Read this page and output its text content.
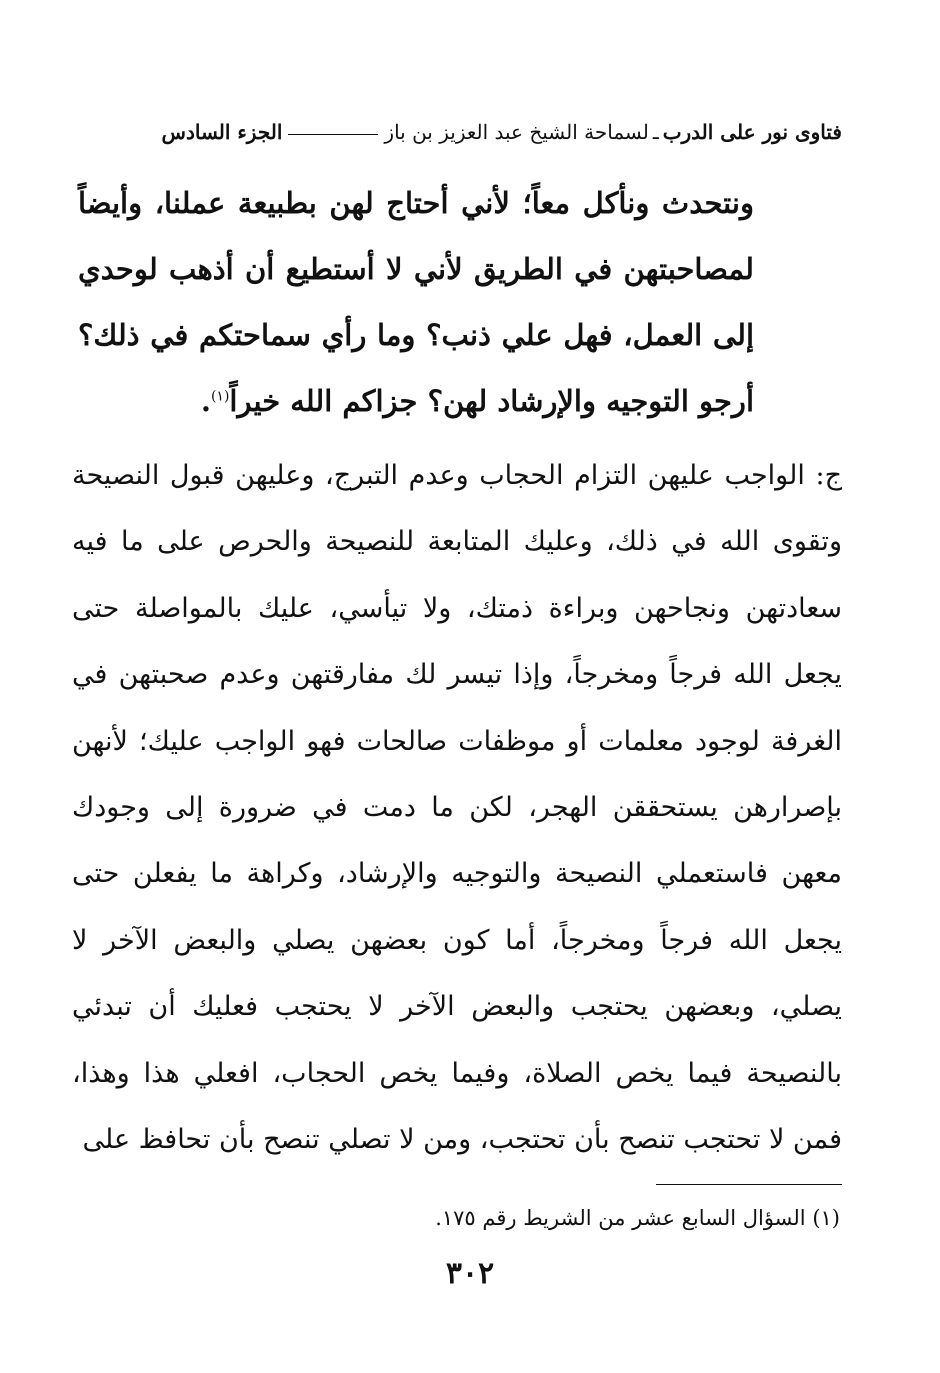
فتاوى نور على الدرب
ـ
لسماحة الشيخ عبد العزيز بن باز
الجزء السادس
ونتحدث ونأكل معاً؛ لأني أحتاج لهن بطبيعة عملنا، وأيضاً لمصاحبتهن في الطريق لأني لا أستطيع أن أذهب لوحدي إلى العمل، فهل علي ذنب؟ وما رأي سماحتكم في ذلك؟ أرجو التوجيه والإرشاد لهن؟ جزاكم الله خيراً$^{(١)}$.
ج: الواجب عليهن التزام الحجاب وعدم التبرج، وعليهن قبول النصيحة وتقوى الله في ذلك، وعليك المتابعة للنصيحة والحرص على ما فيه سعادتهن ونجاحهن وبراءة ذمتك، ولا تيأسي، عليك بالمواصلة حتى يجعل الله فرجاً ومخرجاً، وإذا تيسر لك مفارقتهن وعدم صحبتهن في الغرفة لوجود معلمات أو موظفات صالحات فهو الواجب عليك؛ لأنهن بإصرارهن يستحققن الهجر، لكن ما دمت في ضرورة إلى وجودك معهن فاستعملي النصيحة والتوجيه والإرشاد، وكراهة ما يفعلن حتى يجعل الله فرجاً ومخرجاً، أما كون بعضهن يصلي والبعض الآخر لا يصلي، وبعضهن يحتجب والبعض الآخر لا يحتجب فعليك أن تبدئي بالنصيحة فيما يخص الصلاة، وفيما يخص الحجاب، افعلي هذا وهذا، فمن لا تحتجب تنصح بأن تحتجب، ومن لا تصلي تنصح بأن تحافظ على
(١) السؤال السابع عشر من الشريط رقم ١٧٥.
٣٠٢
